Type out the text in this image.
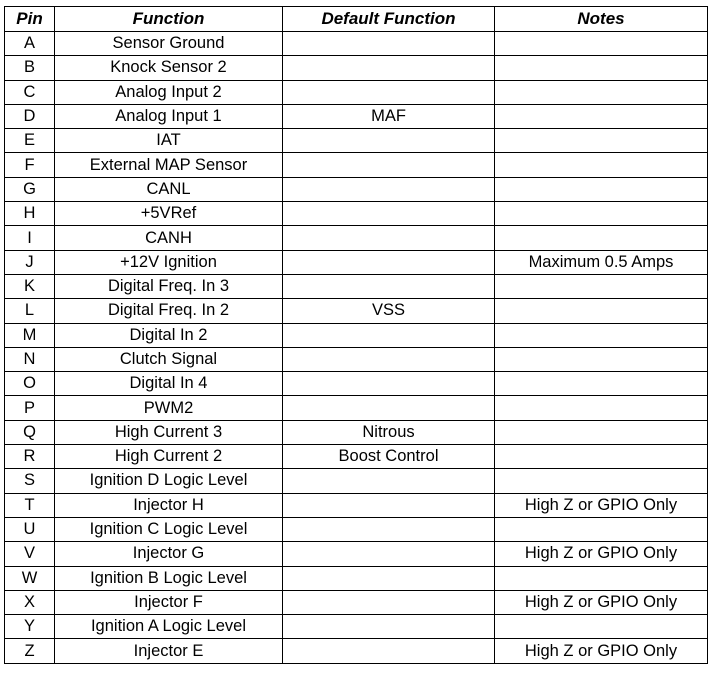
Pin	Function	Default Function	Notes
A	Sensor Ground		
B	Knock Sensor 2		
C	Analog Input 2		
D	Analog Input 1	MAF	
E	IAT		
F	External MAP Sensor		
G	CANL		
H	+5VRef		
I	CANH		
J	+12V Ignition		Maximum 0.5 Amps
K	Digital Freq. In 3		
L	Digital Freq. In 2	VSS	
M	Digital In 2		
N	Clutch Signal		
O	Digital In 4		
P	PWM2		
Q	High Current 3	Nitrous	
R	High Current 2	Boost Control	
S	Ignition D Logic Level		
T	Injector H		High Z or GPIO Only
U	Ignition C Logic Level		
V	Injector G		High Z or GPIO Only
W	Ignition B Logic Level		
X	Injector F		High Z or GPIO Only
Y	Ignition A Logic Level		
Z	Injector E		High Z or GPIO Only
